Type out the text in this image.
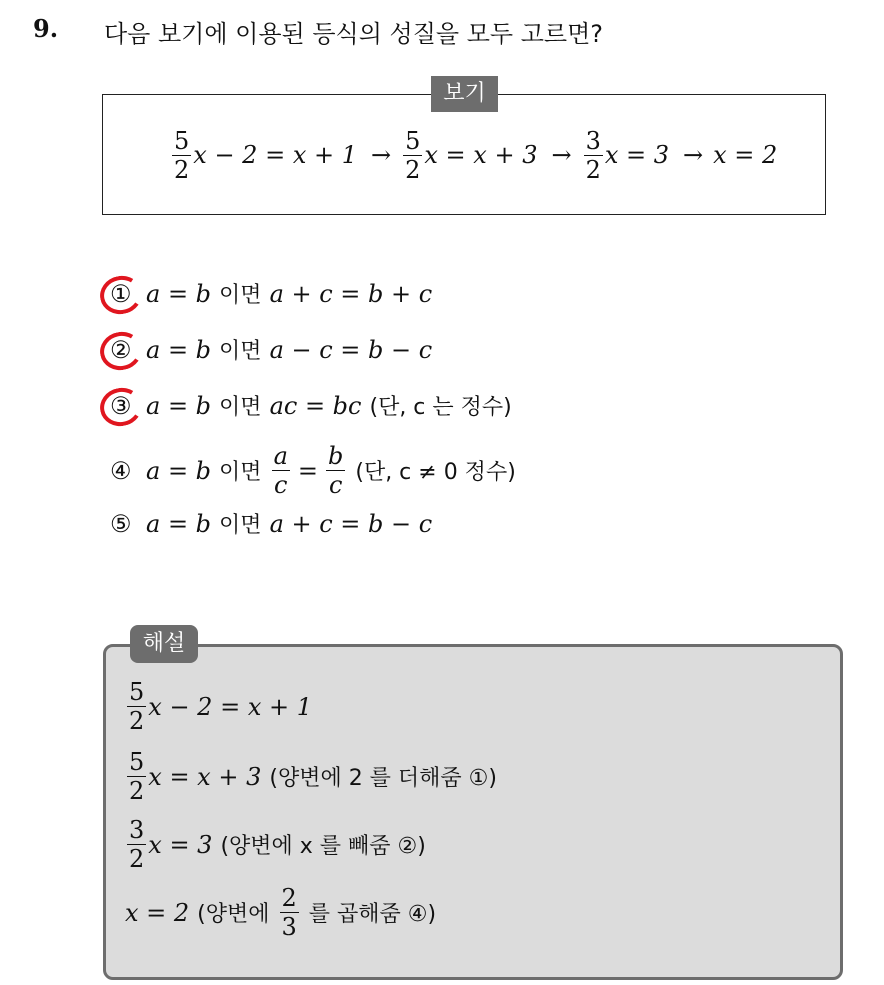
9. 다음 보기에 이용된 등식의 성질을 모두 고르면?
보기
$\frac{5}{2}$ $x - 2 = x + 1 \to \frac{5}{2}$ $x = x + 3 \to \frac{3}{2}$ x = 3 → x = 2
① a = b 이면 a + c = b + c
② a = b 이면 a − c = b − c
③ a = b 이면 ac = bc (단, c 는 정수)
④ a = b 이면 $\frac{a}{c} = \frac{b}{c}$ (단, c ≠ 0 정수)
⑤ a = b 이면 a + c = b − c
해설
$\frac{5}{2}$ x − 2 = x + 1
$\frac{5}{2}$ x = x + 3 (양변에 2 를 더해줌 ①)
$\frac{3}{2}$ x = 3 (양변에 x 를 빼줌 ②)
x = 2 (양변에 $\frac{2}{3}$ 를 곱해줌 ④)
